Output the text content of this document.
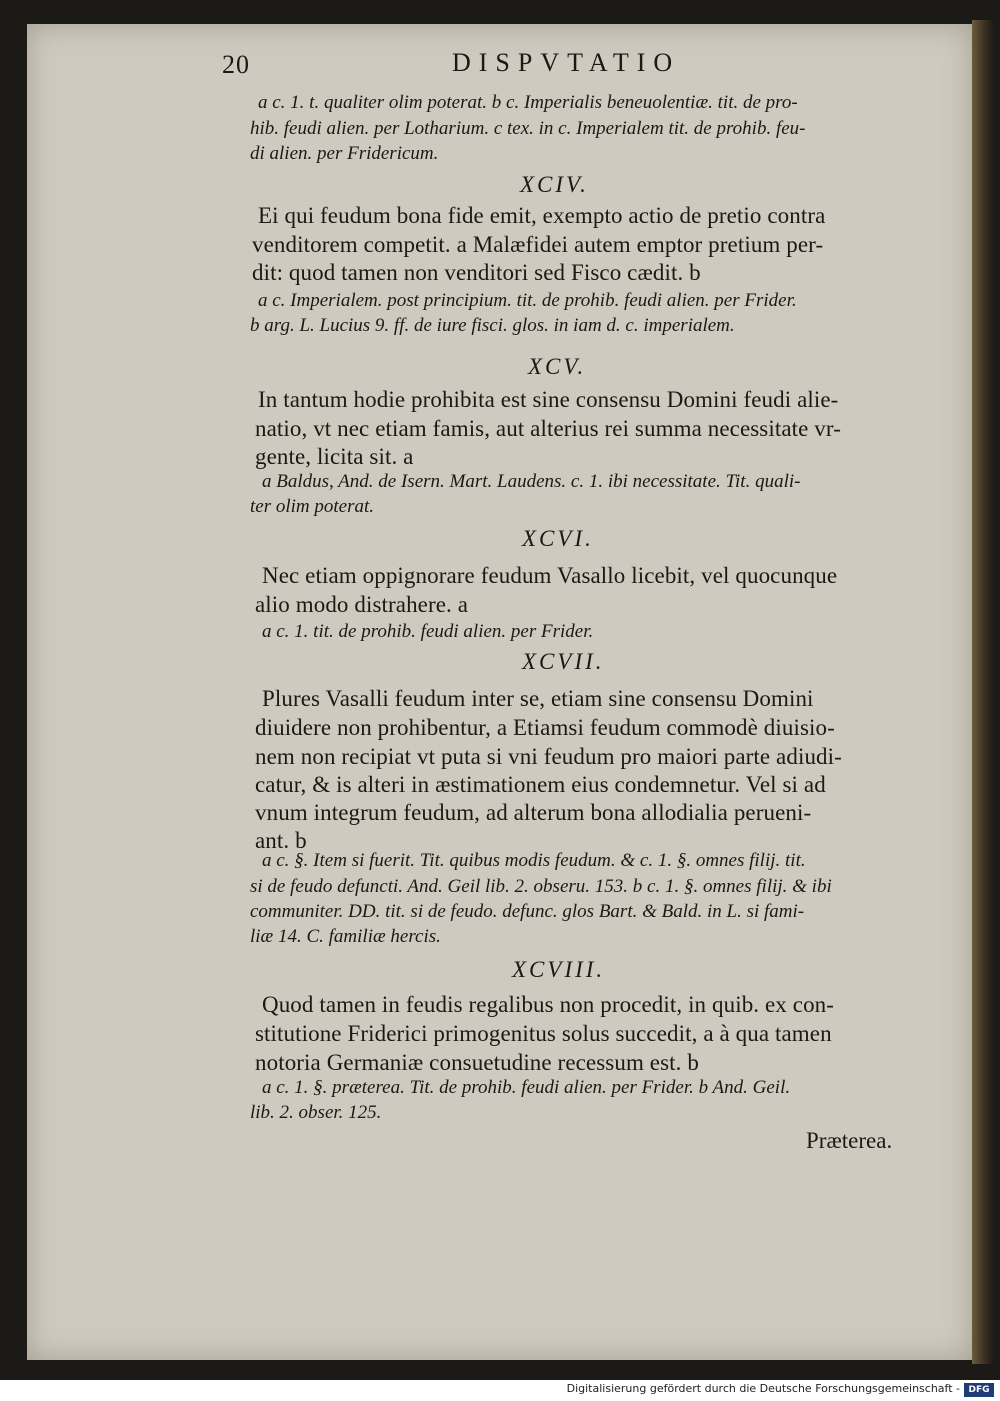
20	DISPVTATIO
a c. 1. t. qualiter olim poterat. b c. Imperialis beneuolentiæ. tit. de pro-
hib. feudi alien. per Lotharium. c tex. in c. Imperialem tit. de prohib. feu-
di alien. per Fridericum.
XCIV.
Ei qui feudum bona fide emit, exempto actio de pretio contra
venditorem competit. a Malæfidei autem emptor pretium per-
dit: quod tamen non venditori sed Fisco cædit. b
a c. Imperialem. post principium. tit. de prohib. feudi alien. per Frider.
b arg. L. Lucius 9. ff. de iure fisci. glos. in iam d. c. imperialem.
XCV.
In tantum hodie prohibita est sine consensu Domini feudi alie-
natio, vt nec etiam famis, aut alterius rei summa necessitate vr-
gente, licita sit. a
a Baldus, And. de Isern. Mart. Laudens. c. 1. ibi necessitate. Tit. quali-
ter olim poterat.
XCVI.
Nec etiam oppignorare feudum Vasallo licebit, vel quocunque
alio modo distrahere. a
a c. 1. tit. de prohib. feudi alien. per Frider.
XCVII.
Plures Vasalli feudum inter se, etiam sine consensu Domini
diuidere non prohibentur, a Etiamsi feudum commodè diuisio-
nem non recipiat vt puta si vni feudum pro maiori parte adiudi-
catur, & is alteri in æstimationem eius condemnetur. Vel si ad
vnum integrum feudum, ad alterum bona allodialia perueni-
ant. b
a c. §. Item si fuerit. Tit. quibus modis feudum. & c. 1. §. omnes filij. tit.
si de feudo defuncti. And. Geil lib. 2. obseru. 153. b c. 1. §. omnes filij. & ibi
communiter. DD. tit. si de feudo. defunc. glos Bart. & Bald. in L. si fami-
liæ 14. C. familiæ hercis.
XCVIII.
Quod tamen in feudis regalibus non procedit, in quib. ex con-
stitutione Friderici primogenitus solus succedit, a à qua tamen
notoria Germaniæ consuetudine recessum est. b
a c. 1. §. præterea. Tit. de prohib. feudi alien. per Frider. b And. Geil.
lib. 2. obser. 125.
Præterea.
Digitalisierung gefördert durch die Deutsche Forschungsgemeinschaft - DFG
